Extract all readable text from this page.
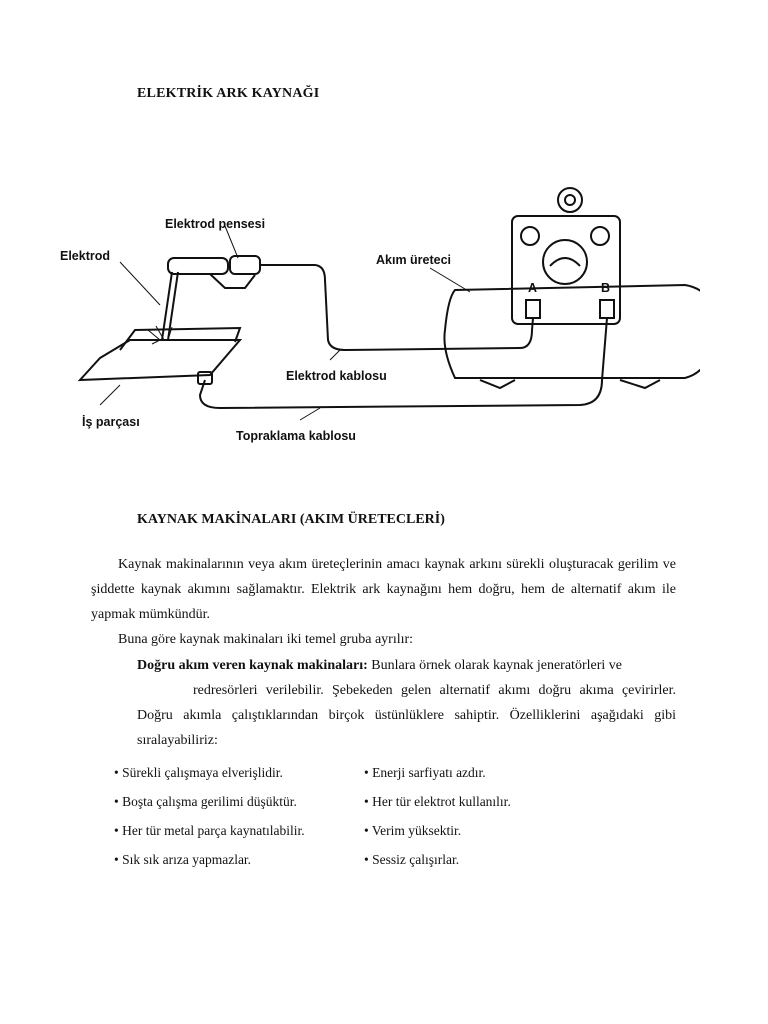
ELEKTRİK ARK KAYNAĞI
Elektrod pensesi
Elektrod	Akım üreteci
Elektrod kablosu
İş parçası
Topraklama kablosu
A	B
KAYNAK MAKİNALARI (AKIM ÜRETECLERİ)

Kaynak makinalarının veya akım üreteçlerinin amacı kaynak arkını sürekli oluşturacak gerilim ve şiddette kaynak akımını sağlamaktır. Elektrik ark kaynağını hem doğru, hem de alternatif akım ile yapmak mümkündür.

Buna göre kaynak makinaları iki temel gruba ayrılır:

Doğru akım veren kaynak makinaları: Bunlara örnek olarak kaynak jeneratörleri ve
redresörleri verilebilir. Şebekeden gelen alternatif akımı doğru akıma çevirirler. Doğru akımla çalıştıklarından birçok üstünlüklere sahiptir. Özelliklerini aşağıdaki gibi sıralayabiliriz:

• Sürekli çalışmaya elverişlidir.	• Enerji sarfiyatı azdır.
• Boşta çalışma gerilimi düşüktür.	• Her tür elektrot kullanılır.
• Her tür metal parça kaynatılabilir.	• Verim yüksektir.
• Sık sık arıza yapmazlar.	• Sessiz çalışırlar.
